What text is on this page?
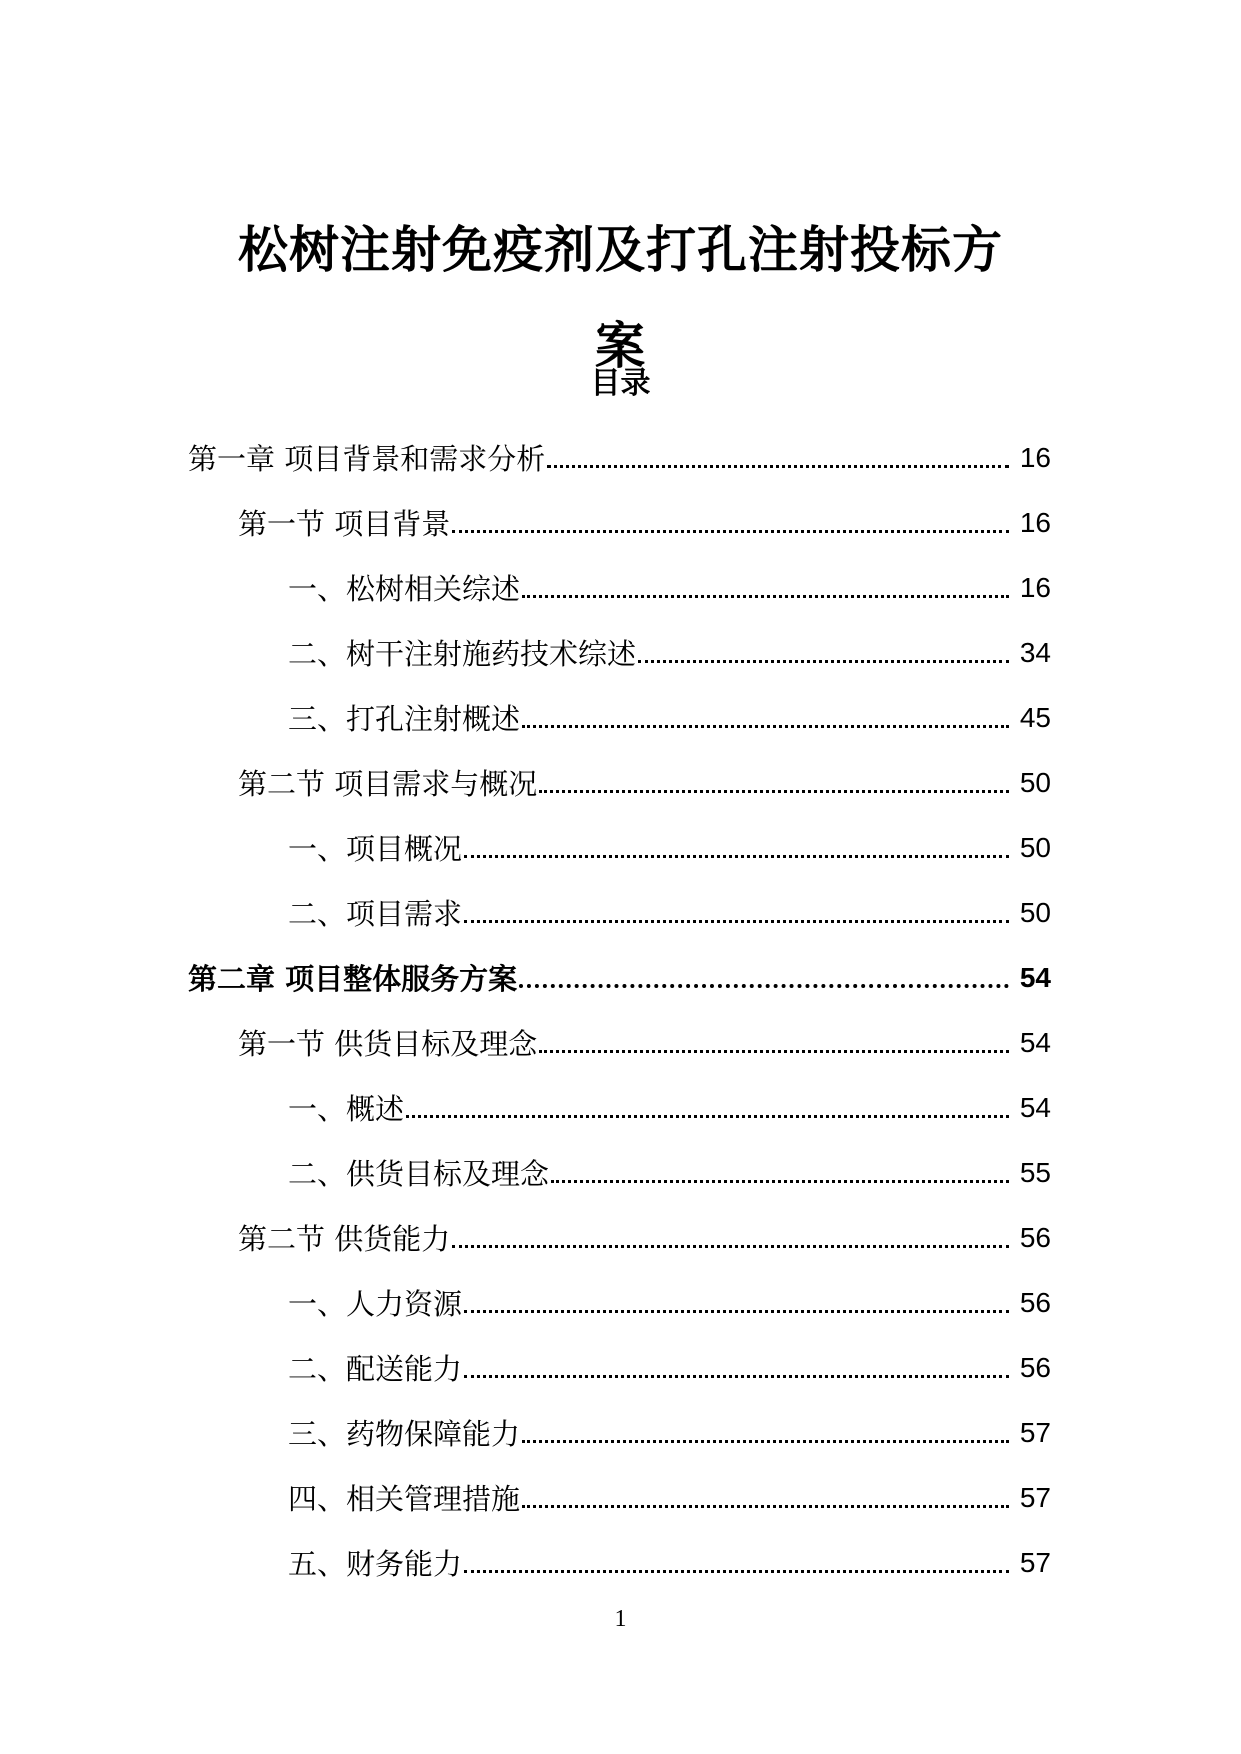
松树注射免疫剂及打孔注射投标方
案
目录
第一章 项目背景和需求分析	16
第一节 项目背景	16
一、松树相关综述	16
二、树干注射施药技术综述	34
三、打孔注射概述	45
第二节 项目需求与概况	50
一、项目概况	50
二、项目需求	50
第二章 项目整体服务方案	54
第一节 供货目标及理念	54
一、概述	54
二、供货目标及理念	55
第二节 供货能力	56
一、人力资源	56
二、配送能力	56
三、药物保障能力	57
四、相关管理措施	57
五、财务能力	57
1
